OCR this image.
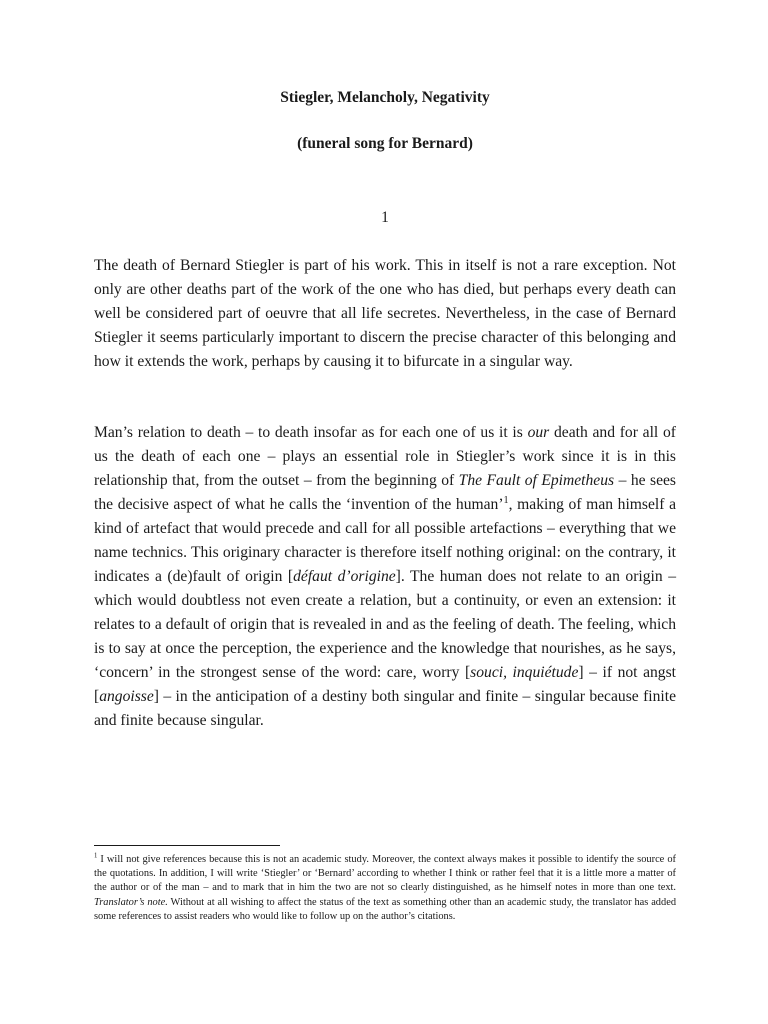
Stiegler, Melancholy, Negativity
(funeral song for Bernard)
1

The death of Bernard Stiegler is part of his work. This in itself is not a rare exception. Not only are other deaths part of the work of the one who has died, but perhaps every death can well be considered part of oeuvre that all life secretes. Nevertheless, in the case of Bernard Stiegler it seems particularly important to discern the precise character of this belonging and how it extends the work, perhaps by causing it to bifurcate in a singular way.

Man’s relation to death – to death insofar as for each one of us it is our death and for all of us the death of each one – plays an essential role in Stiegler’s work since it is in this relationship that, from the outset – from the beginning of The Fault of Epimetheus – he sees the decisive aspect of what he calls the ‘invention of the human’$^1$, making of man himself a kind of artefact that would precede and call for all possible artefactions – everything that we name technics. This originary character is therefore itself nothing original: on the contrary, it indicates a (de)fault of origin [défaut d’origine]. The human does not relate to an origin – which would doubtless not even create a relation, but a continuity, or even an extension: it relates to a default of origin that is revealed in and as the feeling of death. The feeling, which is to say at once the perception, the experience and the knowledge that nourishes, as he says, ‘concern’ in the strongest sense of the word: care, worry [souci, inquiétude] – if not angst [angoisse] – in the anticipation of a destiny both singular and finite – singular because finite and finite because singular.

$^1$ I will not give references because this is not an academic study. Moreover, the context always makes it possible to identify the source of the quotations. In addition, I will write ‘Stiegler’ or ‘Bernard’ according to whether I think or rather feel that it is a little more a matter of the author or of the man – and to mark that in him the two are not so clearly distinguished, as he himself notes in more than one text. Translator’s note. Without at all wishing to affect the status of the text as something other than an academic study, the translator has added some references to assist readers who would like to follow up on the author’s citations.
